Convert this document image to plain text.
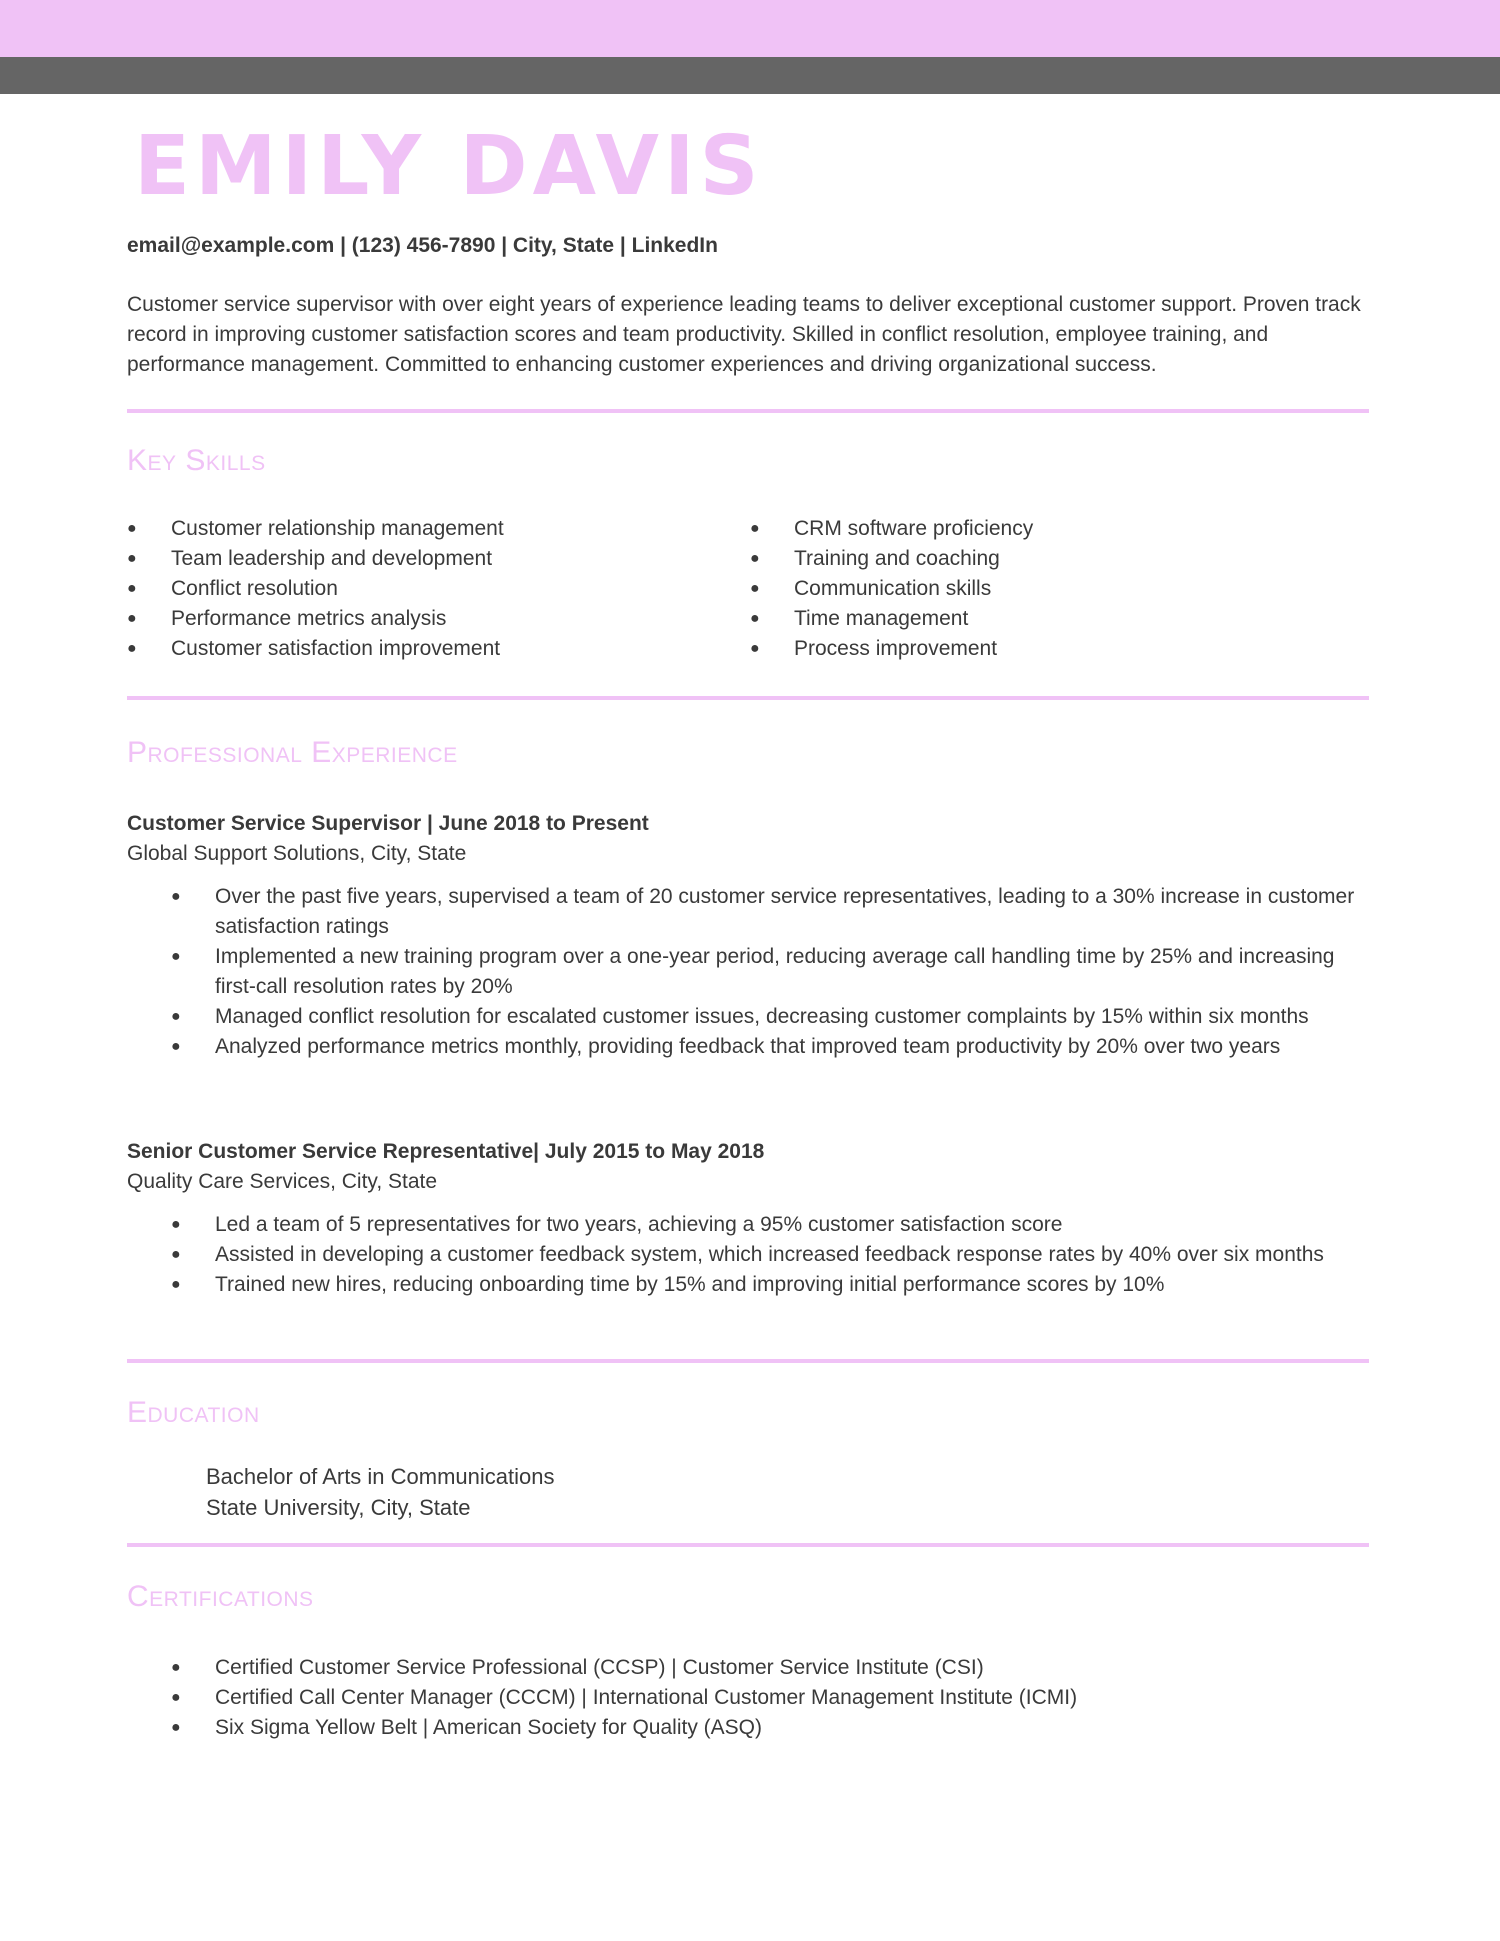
EMILY DAVIS
email@example.com | (123) 456-7890 | City, State | LinkedIn

Customer service supervisor with over eight years of experience leading teams to deliver exceptional customer support. Proven track record in improving customer satisfaction scores and team productivity. Skilled in conflict resolution, employee training, and performance management. Committed to enhancing customer experiences and driving organizational success.

Key Skills
● Customer relationship management
● Team leadership and development
● Conflict resolution
● Performance metrics analysis
● Customer satisfaction improvement
● CRM software proficiency
● Training and coaching
● Communication skills
● Time management
● Process improvement
Professional Experience
Customer Service Supervisor | June 2018 to Present
Global Support Solutions, City, State
● Over the past five years, supervised a team of 20 customer service representatives, leading to a 30% increase in customer satisfaction ratings
● Implemented a new training program over a one-year period, reducing average call handling time by 25% and increasing first-call resolution rates by 20%
● Managed conflict resolution for escalated customer issues, decreasing customer complaints by 15% within six months
● Analyzed performance metrics monthly, providing feedback that improved team productivity by 20% over two years
Senior Customer Service Representative| July 2015 to May 2018
Quality Care Services, City, State
● Led a team of 5 representatives for two years, achieving a 95% customer satisfaction score
● Assisted in developing a customer feedback system, which increased feedback response rates by 40% over six months
● Trained new hires, reducing onboarding time by 15% and improving initial performance scores by 10%
Education
Bachelor of Arts in Communications
State University, City, State
Certifications
● Certified Customer Service Professional (CCSP) | Customer Service Institute (CSI)
● Certified Call Center Manager (CCCM) | International Customer Management Institute (ICMI)
● Six Sigma Yellow Belt | American Society for Quality (ASQ)
